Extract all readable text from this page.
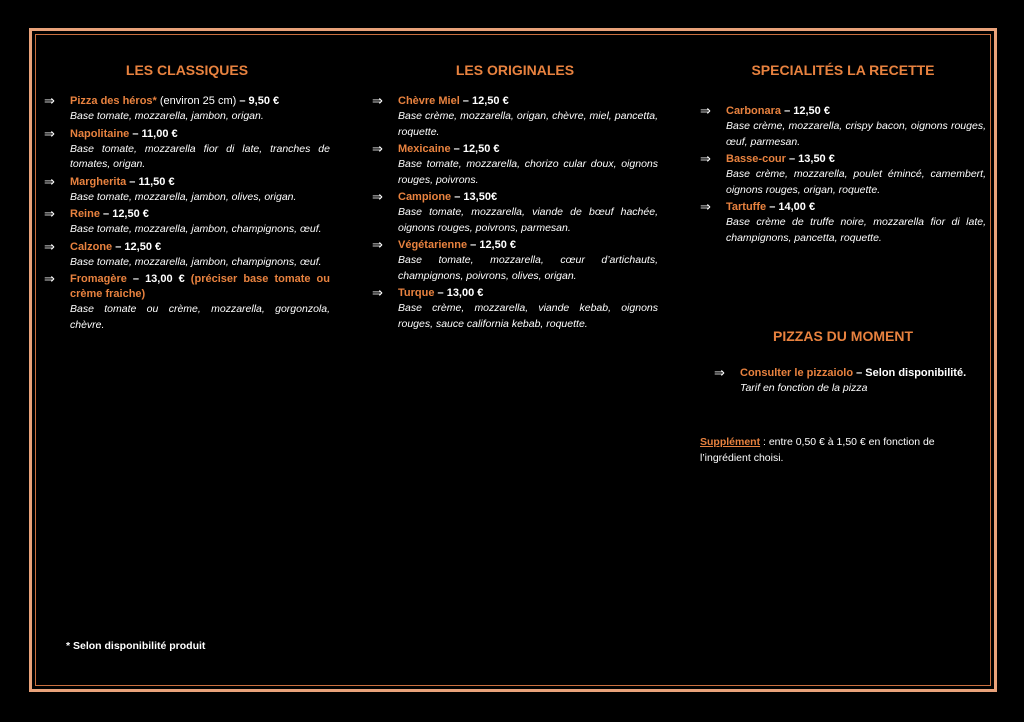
LES CLASSIQUES
⇒ Pizza des héros* (environ 25 cm) – 9,50 €
Base tomate, mozzarella, jambon, origan.
⇒ Napolitaine – 11,00 €
Base tomate, mozzarella fior di late, tranches de tomates, origan.
⇒ Margherita – 11,50 €
Base tomate, mozzarella, jambon, olives, origan.
⇒ Reine – 12,50 €
Base tomate, mozzarella, jambon, champignons, œuf.
⇒ Calzone – 12,50 €
Base tomate, mozzarella, jambon, champignons, œuf.
⇒ Fromagère – 13,00 € (préciser base tomate ou crème fraiche)
Base tomate ou crème, mozzarella, gorgonzola, chèvre.
* Selon disponibilité produit
LES ORIGINALES
⇒ Chèvre Miel – 12,50 €
Base crème, mozzarella, origan, chèvre, miel, pancetta, roquette.
⇒ Mexicaine – 12,50 €
Base tomate, mozzarella, chorizo cular doux, oignons rouges, poivrons.
⇒ Campione – 13,50€
Base tomate, mozzarella, viande de bœuf hachée, oignons rouges, poivrons, parmesan.
⇒ Végétarienne – 12,50 €
Base tomate, mozzarella, cœur d’artichauts, champignons, poivrons, olives, origan.
⇒ Turque – 13,00 €
Base crème, mozzarella, viande kebab, oignons rouges, sauce california kebab, roquette.
SPECIALITÉS LA RECETTE
⇒ Carbonara – 12,50 €
Base crème, mozzarella, crispy bacon, oignons rouges, œuf, parmesan.
⇒ Basse-cour – 13,50 €
Base crème, mozzarella, poulet émincé, camembert, oignons rouges, origan, roquette.
⇒ Tartuffe – 14,00 €
Base crème de truffe noire, mozzarella fior di late, champignons, pancetta, roquette.
PIZZAS DU MOMENT
⇒ Consulter le pizzaiolo – Selon disponibilité.
Tarif en fonction de la pizza
Supplément : entre 0,50 € à 1,50 € en fonction de l’ingrédient choisi.
